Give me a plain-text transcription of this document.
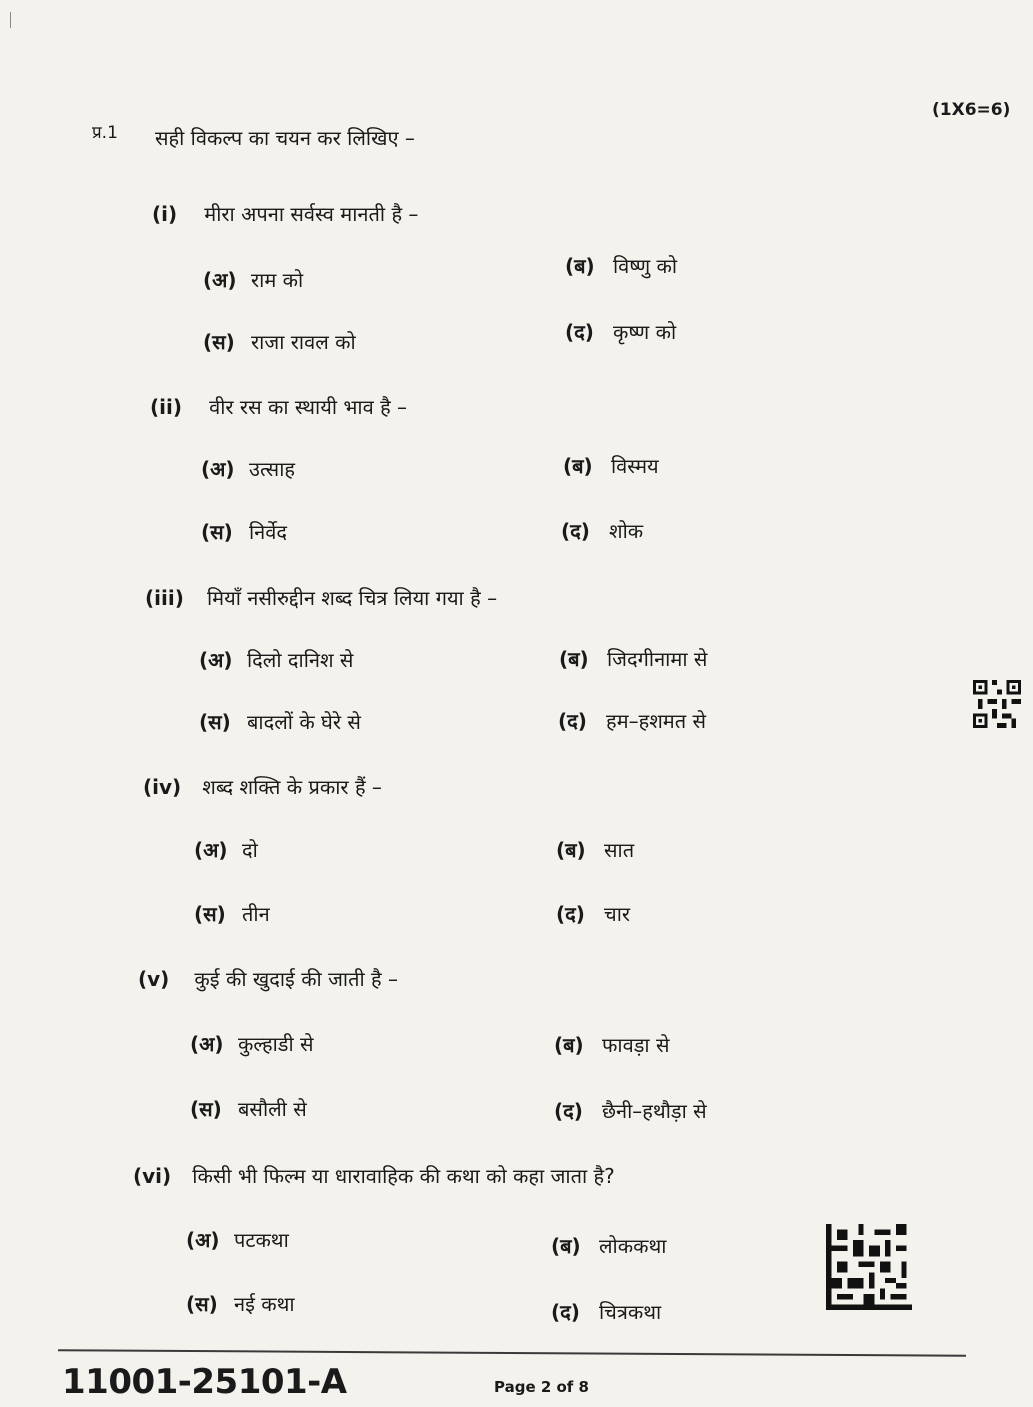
(1X6=6)
प्र.1 सही विकल्प का चयन कर लिखिए –
(i) मीरा अपना सर्वस्व मानती है –
(अ) राम को
(ब) विष्णु को
(स) राजा रावल को	(द) कृष्ण को
(ii) वीर रस का स्थायी भाव है –
(अ) उत्साह	(ब) विस्मय
(स) निर्वेद	(द) शोक
(iii) मियाँ नसीरुद्दीन शब्द चित्र लिया गया है –
(अ) दिलो दानिश से	(ब) जिदगीनामा से
(स) बादलों के घेरे से	(द) हम–हशमत से
(iv) शब्द शक्ति के प्रकार हैं –
(अ) दो	(ब) सात
(स) तीन	(द) चार
(v) कुई की खुदाई की जाती है –
(अ) कुल्हाडी से	(ब) फावड़ा से
(स) बसौली से	(द) छैनी–हथौड़ा से
(vi) किसी भी फिल्म या धारावाहिक की कथा को कहा जाता है?
(अ) पटकथा	(ब) लोककथा
(स) नई कथा	(द) चित्रकथा
11001-25101-A	Page 2 of 8
